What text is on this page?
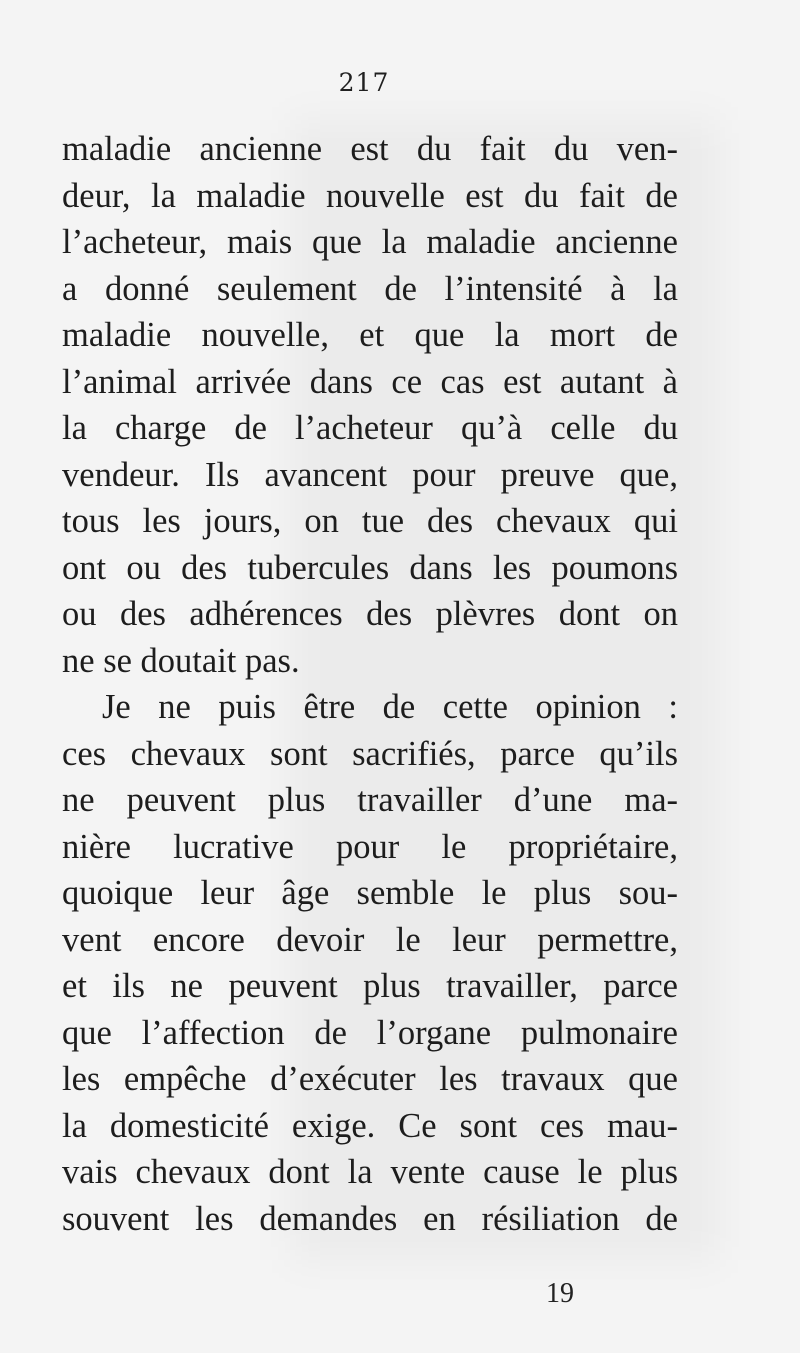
217
maladie ancienne est du fait du ven-
deur, la maladie nouvelle est du fait de
l’acheteur, mais que la maladie ancienne
a donné seulement de l’intensité à la
maladie nouvelle, et que la mort de
l’animal arrivée dans ce cas est autant à
la charge de l’acheteur qu’à celle du
vendeur. Ils avancent pour preuve que,
tous les jours, on tue des chevaux qui
ont ou des tubercules dans les poumons
ou des adhérences des plèvres dont on
ne se doutait pas.
Je ne puis être de cette opinion :
ces chevaux sont sacrifiés, parce qu’ils
ne peuvent plus travailler d’une ma-
nière lucrative pour le propriétaire,
quoique leur âge semble le plus sou-
vent encore devoir le leur permettre,
et ils ne peuvent plus travailler, parce
que l’affection de l’organe pulmonaire
les empêche d’exécuter les travaux que
la domesticité exige. Ce sont ces mau-
vais chevaux dont la vente cause le plus
souvent les demandes en résiliation de
19
